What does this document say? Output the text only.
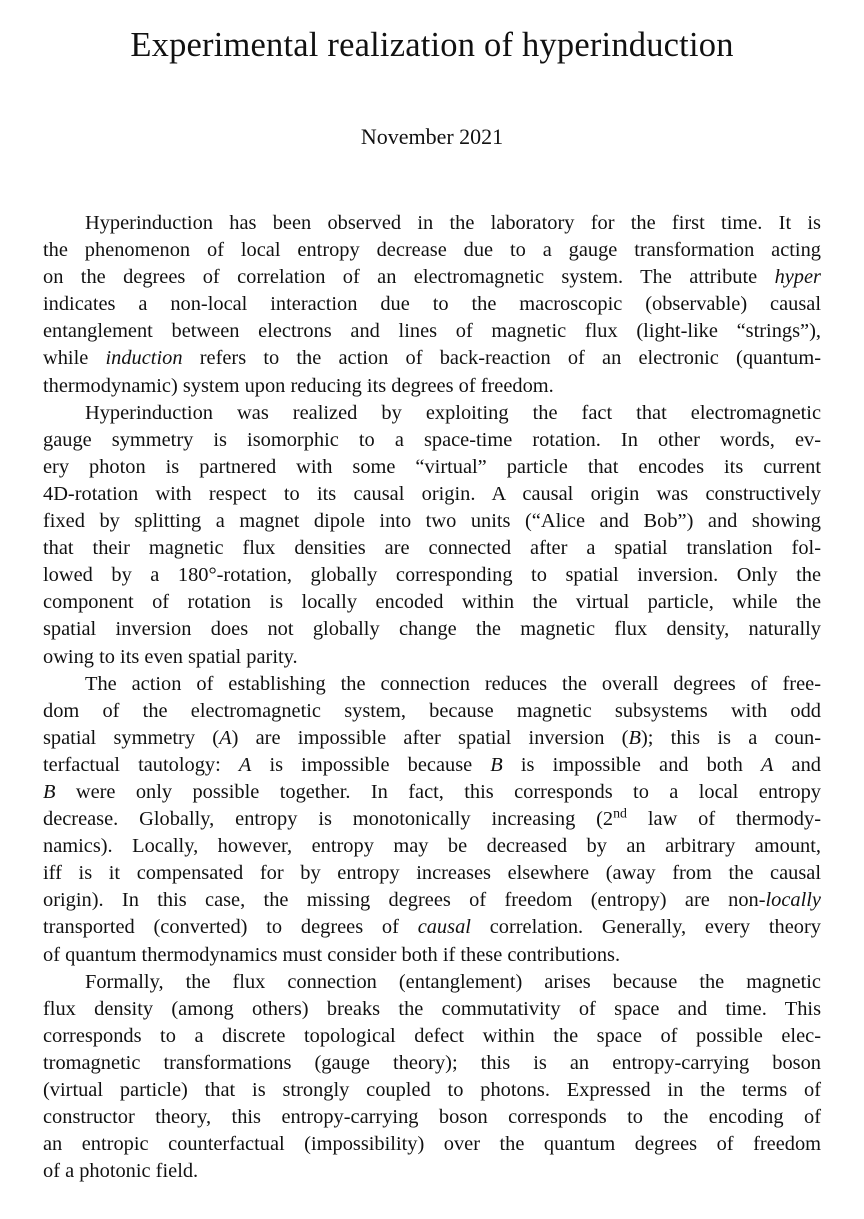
Experimental realization of hyperinduction
November 2021
Hyperinduction has been observed in the laboratory for the first time. It is
the phenomenon of local entropy decrease due to a gauge transformation acting
on the degrees of correlation of an electromagnetic system. The attribute hyper
indicates a non-local interaction due to the macroscopic (observable) causal
entanglement between electrons and lines of magnetic flux (light-like “strings”),
while induction refers to the action of back-reaction of an electronic (quantum-
thermodynamic) system upon reducing its degrees of freedom.
Hyperinduction was realized by exploiting the fact that electromagnetic
gauge symmetry is isomorphic to a space-time rotation. In other words, ev-
ery photon is partnered with some “virtual” particle that encodes its current
4D-rotation with respect to its causal origin. A causal origin was constructively
fixed by splitting a magnet dipole into two units (“Alice and Bob”) and showing
that their magnetic flux densities are connected after a spatial translation fol-
lowed by a 180°-rotation, globally corresponding to spatial inversion. Only the
component of rotation is locally encoded within the virtual particle, while the
spatial inversion does not globally change the magnetic flux density, naturally
owing to its even spatial parity.
The action of establishing the connection reduces the overall degrees of free-
dom of the electromagnetic system, because magnetic subsystems with odd
spatial symmetry (A) are impossible after spatial inversion (B); this is a coun-
terfactual tautology: A is impossible because B is impossible and both A and
B were only possible together. In fact, this corresponds to a local entropy
decrease. Globally, entropy is monotonically increasing (2nd law of thermody-
namics). Locally, however, entropy may be decreased by an arbitrary amount,
iff is it compensated for by entropy increases elsewhere (away from the causal
origin). In this case, the missing degrees of freedom (entropy) are non-locally
transported (converted) to degrees of causal correlation. Generally, every theory
of quantum thermodynamics must consider both if these contributions.
Formally, the flux connection (entanglement) arises because the magnetic
flux density (among others) breaks the commutativity of space and time. This
corresponds to a discrete topological defect within the space of possible elec-
tromagnetic transformations (gauge theory); this is an entropy-carrying boson
(virtual particle) that is strongly coupled to photons. Expressed in the terms of
constructor theory, this entropy-carrying boson corresponds to the encoding of
an entropic counterfactual (impossibility) over the quantum degrees of freedom
of a photonic field.
